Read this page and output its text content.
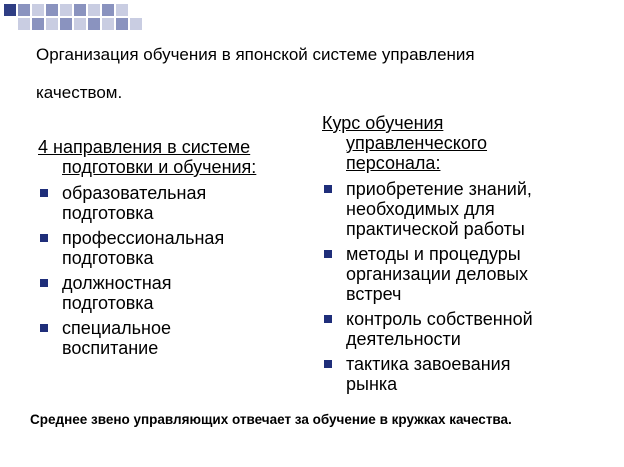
Организация обучения в японской системе управления
качеством.
4 направления в системе
подготовки и обучения:
образовательная
подготовка
профессиональная
подготовка
должностная
подготовка
специальное
воспитание
Курс обучения
управленческого
персонала:
приобретение знаний,
необходимых для
практической работы
методы и процедуры
организации деловых
встреч
контроль собственной
деятельности
тактика завоевания
рынка
Среднее звено управляющих отвечает за обучение в кружках качества.
